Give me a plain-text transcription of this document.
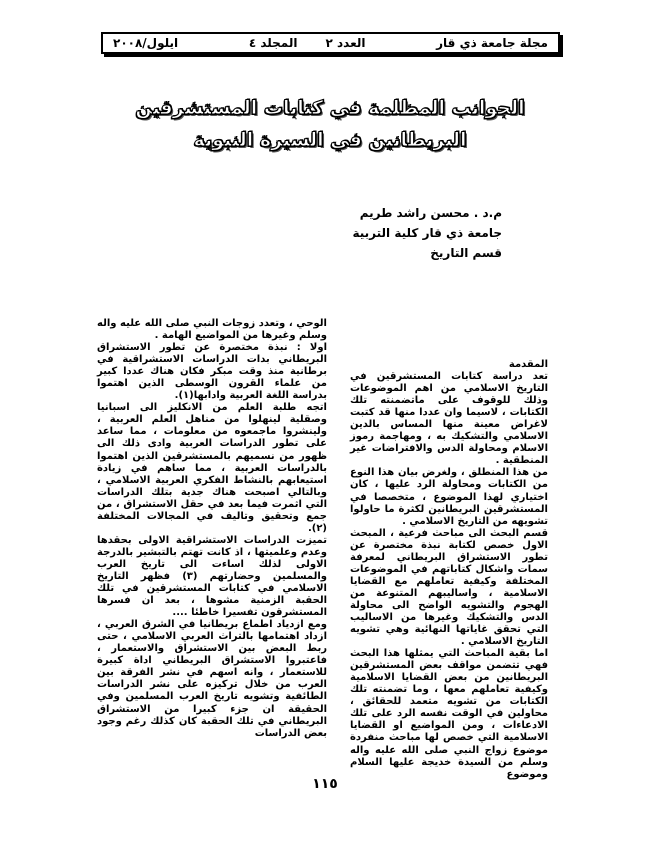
مجلة جامعة ذي قار
العدد ٢
المجلد ٤
ايلول/٢٠٠٨
الجوانب المظلمة في كتابات المستشرقين
البريطانين في السيرة النبوية
م.د . محسن راشد طريم
جامعة ذي قار كلية التربية
قسم التاريخ

المقدمة

تعد دراسة كتابات المستشرقين في التاريخ الاسلامي من اهم الموضوعات وذلك للوقوف على ماتضمنته تلك الكتابات ، لاسيما وان عددا منها قد كتبت لاغراض معينة منها المساس بالدين الاسلامي والتشكيك به ، ومهاجمة رموز الاسلام ومحاولة الدس والافتراضات غير المنطقية .

من هذا المنطلق ، ولغرض بيان هذا النوع من الكتابات ومحاولة الرد عليها ، كان اختياري لهذا الموضوع ، متخصصا في المستشرقين البريطانين لكثرة ما حاولوا تشويهه من التاريخ الاسلامي .

قسم البحث الى مباحث فرعية ، المبحث الاول خصص لكتابة نبذة مختصرة عن تطور الاستشراق البريطاني لمعرفة سمات واشكال كتاباتهم في الموضوعات المختلفة وكيفية تعاملهم مع القضايا الاسلامية ، واساليبهم المتنوعة من الهجوم والتشويه الواضح الى محاولة الدس والتشكيك وغيرها من الاساليب التي تحقق غاياتها النهائية وهي تشويه التاريخ الاسلامي .

اما بقية المباحث التي يمثلها هذا البحث فهي تتضمن مواقف بعض المستشرقين البريطانين من بعض القضايا الاسلامية وكيفية تعاملهم معها ، وما تضمنته تلك الكتابات من تشويه متعمد للحقائق ، محاولين في الوقت نفسه الرد على تلك الادعاءات ، ومن المواضيع او القضايا الاسلامية التي خصص لها مباحث منفردة موضوع زواج النبي صلى الله عليه واله وسلم من السيدة خديجة عليها السلام وموضوع

الوحي ، وتعدد زوجات النبي صلى الله عليه واله وسلم وغيرها من المواضيع الهامة .

اولا : نبذة مختصرة عن تطور الاستشراق البريطاني بدات الدراسات الاستشراقية في برطانية منذ وقت مبكر فكان هناك عددا كبير من علماء القرون الوسطى الذين اهتموا بدراسة اللغة العربية وادابها(١).

اتجه طلبة العلم من الانكليز الى اسبانيا وصقلية لينهلوا من مناهل العلم العربية ، ولينشروا ماجمعوه من معلومات ، مما ساعد على تطور الدراسات العربية وادى ذلك الى ظهور من نسميهم بالمستشرقين الذين اهتموا بالدراسات العربية ، مما ساهم في زيادة استيعابهم بالنشاط الفكري العربية الاسلامي ، وبالتالي اصبحت هناك جدية بتلك الدراسات التي اثمرت فيما بعد في حقل الاستشراق ، من جمع وتحقيق وتاليف في المجالات المختلفة (٢).

تميزت الدراسات الاستشراقية الاولى بحقدها وعدم وعلميتها ، اذ كانت تهتم بالتبشير بالدرجة الاولى لذلك اساءت الى تاريخ العرب والمسلمين وحضارتهم (٣) فظهر التاريخ الاسلامي في كتابات المستشرقين في تلك الحقبة الزمنية مشوها ، بعد ان فسرها المستشرقون تفسيرا خاطئا ....

ومع ازدياد اطماع بريطانيا في الشرق العربي ، ازداد اهتمامها بالتراث العربي الاسلامي ، حتى ربط البعض بين الاستشراق والاستعمار ، فاعتبروا الاستشراق البريطاني اداة كبيرة للاستعمار ، وانه اسهم في نشر الفرقة بين العرب من خلال تركيزه على نشر الدراسات الطائفية وتشويه تاريخ العرب المسلمين وفي الحقيقة ان جزء كبيرا من الاستشراق البريطاني في تلك الحقبة كان كذلك رغم وجود بعض الدراسات

١١٥
